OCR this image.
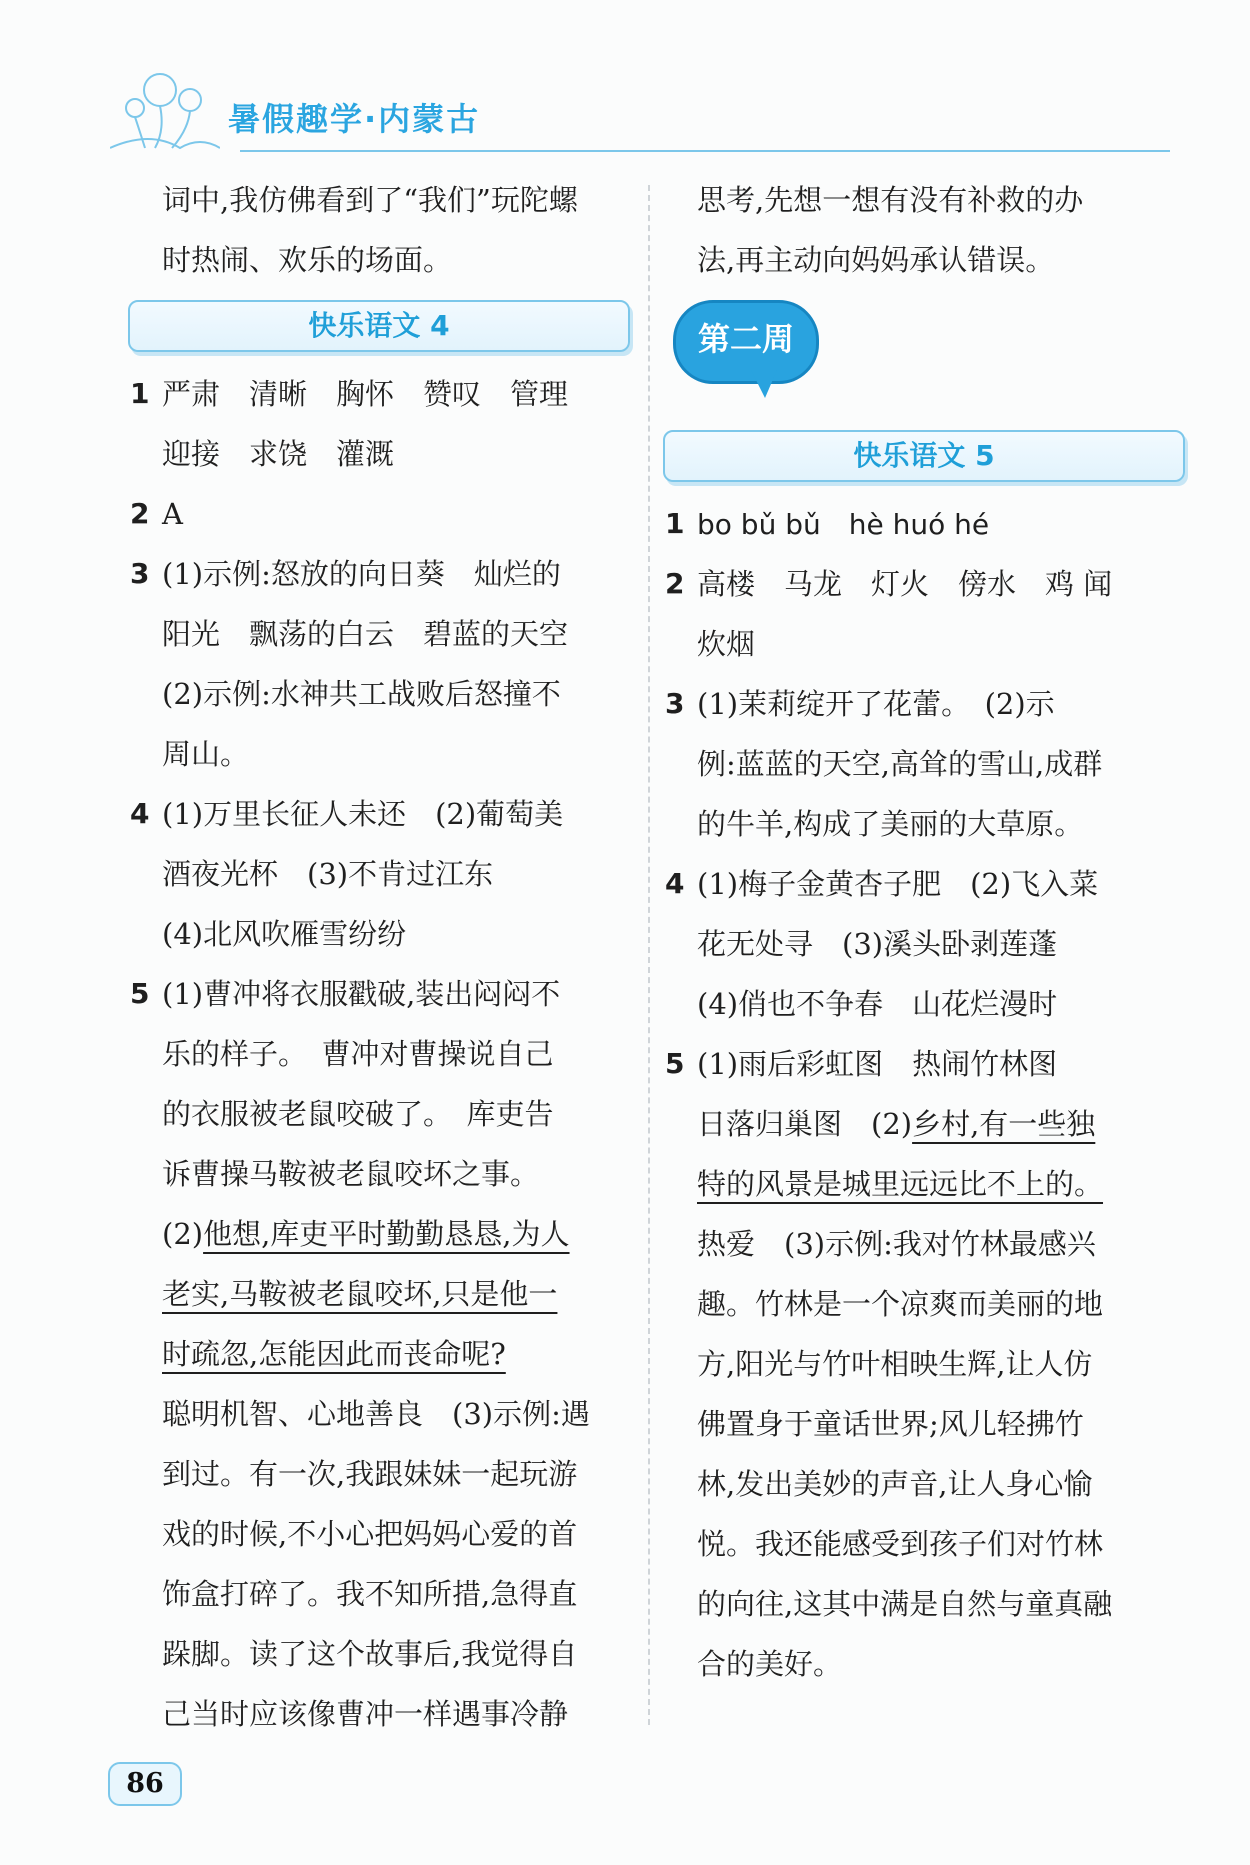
暑假趣学·内蒙古
词中,我仿佛看到了“我们”玩陀螺
时热闹、欢乐的场面。
快乐语文 4
1 严肃　清晰　胸怀　赞叹　管理
迎接　求饶　灌溉
2 A
3 (1)示例:怒放的向日葵　灿烂的
阳光　飘荡的白云　碧蓝的天空
(2)示例:水神共工战败后怒撞不
周山。
4 (1)万里长征人未还　(2)葡萄美
酒夜光杯　(3)不肯过江东
(4)北风吹雁雪纷纷
5 (1)曹冲将衣服戳破,装出闷闷不
乐的样子。　曹冲对曹操说自己
的衣服被老鼠咬破了。　库吏告
诉曹操马鞍被老鼠咬坏之事。
(2)他想,库吏平时勤勤恳恳,为人
老实,马鞍被老鼠咬坏,只是他一
时疏忽,怎能因此而丧命呢?
聪明机智、心地善良　(3)示例:遇
到过。有一次,我跟妹妹一起玩游
戏的时候,不小心把妈妈心爱的首
饰盒打碎了。我不知所措,急得直
跺脚。读了这个故事后,我觉得自
己当时应该像曹冲一样遇事冷静
思考,先想一想有没有补救的办
法,再主动向妈妈承认错误。
第二周
快乐语文 5
1 bo bǔ bǔ　hè huó hé
2 高楼　马龙　灯火　傍水　鸡 闻
炊烟
3 (1)茉莉绽开了花蕾。　(2)示
例:蓝蓝的天空,高耸的雪山,成群
的牛羊,构成了美丽的大草原。
4 (1)梅子金黄杏子肥　(2)飞入菜
花无处寻　(3)溪头卧剥莲蓬
(4)俏也不争春　山花烂漫时
5 (1)雨后彩虹图　热闹竹林图
日落归巢图　(2)乡村,有一些独
特的风景是城里远远比不上的。
热爱　(3)示例:我对竹林最感兴
趣。竹林是一个凉爽而美丽的地
方,阳光与竹叶相映生辉,让人仿
佛置身于童话世界;风儿轻拂竹
林,发出美妙的声音,让人身心愉
悦。我还能感受到孩子们对竹林
的向往,这其中满是自然与童真融
合的美好。
86
